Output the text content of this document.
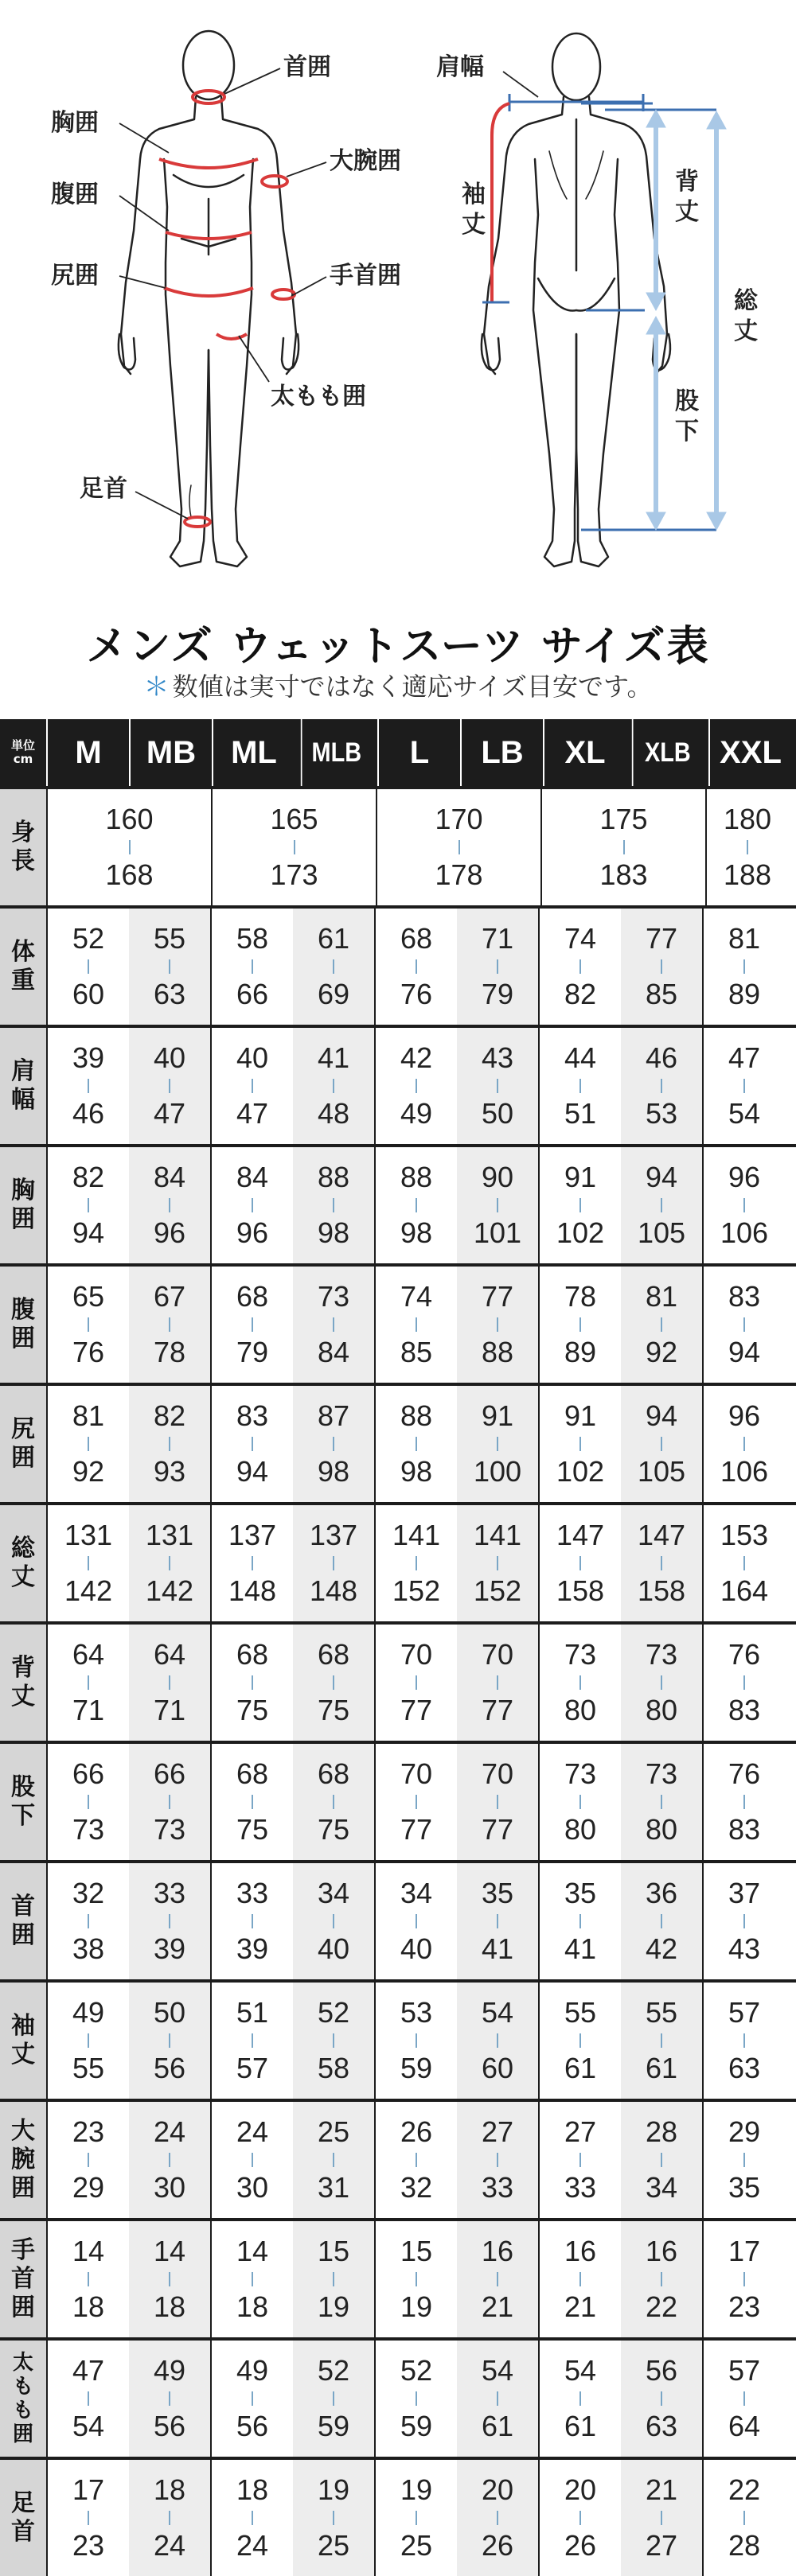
首囲
胸囲
大腕囲
腹囲
尻囲	手首囲
太もも囲
足首
肩幅
袖丈
背丈
総丈
股下
メンズ ウェットスーツ サイズ表
＊ 数値は実寸ではなく適応サイズ目安です。
単位
cm M MB ML MLB L LB XL XLB XXL
身
長
160
168
165
173
170
178
175
183
180
188
体
重
52
60
55
63
58
66
61
69
68
76
71
79
74
82
77
85
81
89
肩
幅
39
46
40
47
40
47
41
48
42
49
43
50
44
51
46
53
47
54
胸
囲
82
94
84
96
84
96
88
98
88
98
90
101
91
102
94
105
96
106
腹
囲
65
76
67
78
68
79
73
84
74
85
77
88
78
89
81
92
83
94
尻
囲
81
92
82
93
83
94
87
98
88
98
91
100
91
102
94
105
96
106
総
丈
131
142
131
142
137
148
137
148
141
152
141
152
147
158
147
158
153
164
背
丈
64
71
64
71
68
75
68
75
70
77
70
77
73
80
73
80
76
83
股
下
66
73
66
73
68
75
68
75
70
77
70
77
73
80
73
80
76
83
首
囲
32
38
33
39
33
39
34
40
34
40
35
41
35
41
36
42
37
43
袖
丈
49
55
50
56
51
57
52
58
53
59
54
60
55
61
55
61
57
63
大
腕
囲
23
29
24
30
24
30
25
31
26
32
27
33
27
33
28
34
29
35
手
首
囲
14
18
14
18
14
18
15
19
15
19
16
21
16
21
16
22
17
23
太
も
も
囲
47
54
49
56
49
56
52
59
52
59
54
61
54
61
56
63
57
64
足
首
17
23
18
24
18
24
19
25
19
25
20
26
20
26
21
27
22
28
